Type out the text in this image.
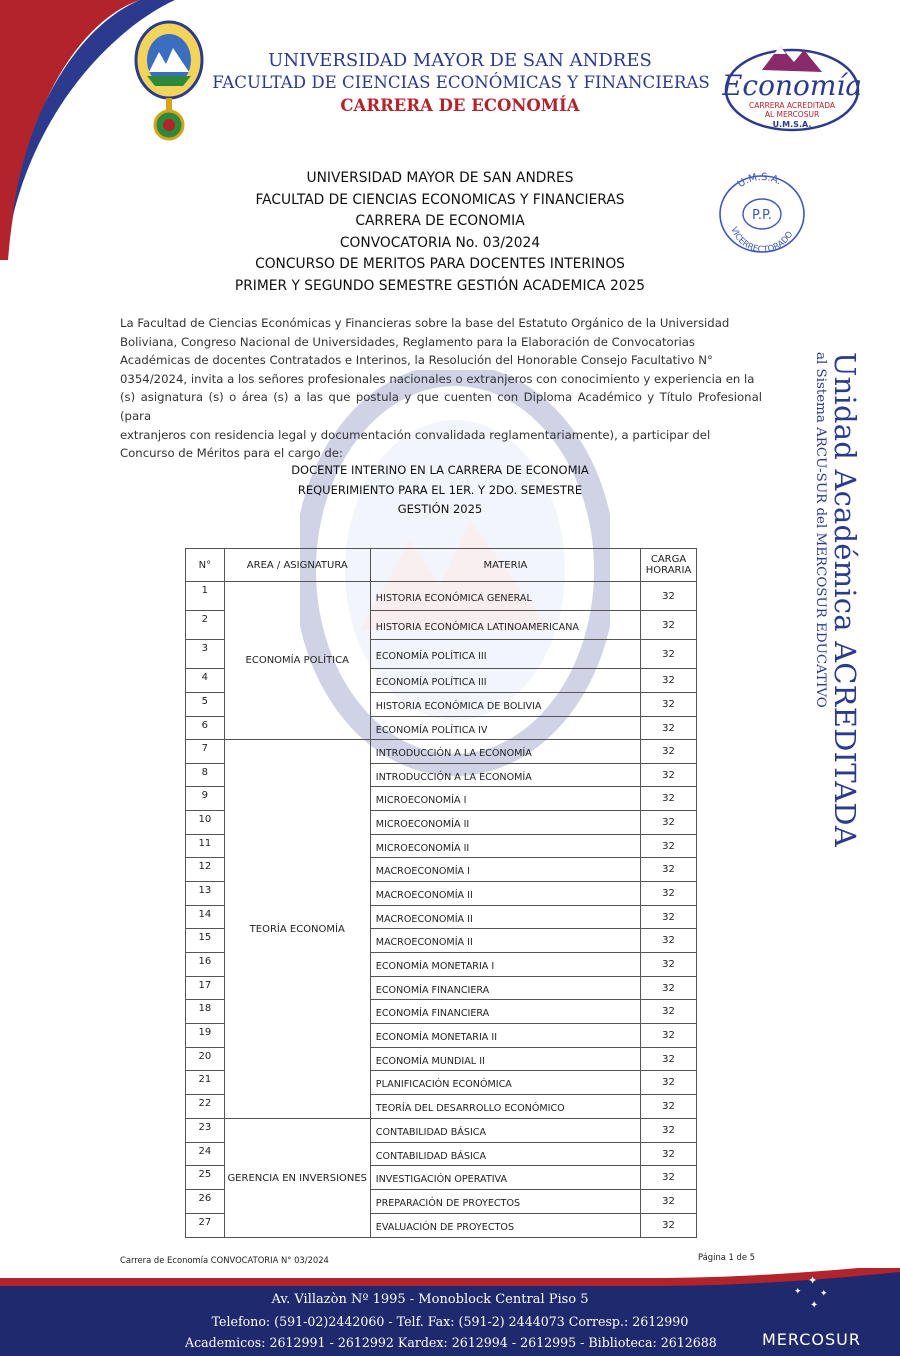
UNIVERSIDAD MAYOR DE SAN ANDRES
FACULTAD DE CIENCIAS ECONÓMICAS Y FINANCIERAS
CARRERA DE ECONOMÍA
Economía
CARRERA ACREDITADA
AL MERCOSUR
U.M.S.A.
U.M.S.A.
P.P.
VICERRECTORADO
UNIVERSIDAD MAYOR DE SAN ANDRES
FACULTAD DE CIENCIAS ECONOMICAS Y FINANCIERAS
CARRERA DE ECONOMIA
CONVOCATORIA No. 03/2024
CONCURSO DE MERITOS PARA DOCENTES INTERINOS
PRIMER Y SEGUNDO SEMESTRE GESTIÓN ACADEMICA 2025
La Facultad de Ciencias Económicas y Financieras sobre la base del Estatuto Orgánico de la Universidad
Boliviana, Congreso Nacional de Universidades, Reglamento para la Elaboración de Convocatorias
Académicas de docentes Contratados e Interinos, la Resolución del Honorable Consejo Facultativo N°
0354/2024, invita a los señores profesionales nacionales o extranjeros con conocimiento y experiencia en la
(s) asignatura (s) o área (s) a las que postula y que cuenten con Diploma Académico y Título Profesional (para
extranjeros con residencia legal y documentación convalidada reglamentariamente), a participar del
Concurso de Méritos para el cargo de:
DOCENTE INTERINO EN LA CARRERA DE ECONOMIA
REQUERIMIENTO PARA EL 1ER. Y 2DO. SEMESTRE
GESTIÓN 2025	Unidad Académica ACREDITADA
al Sistema ARCU-SUR del MERCOSUR EDUCATIVO
N°	AREA / ASIGNATURA	MATERIA	CARGA
HORARIA
1	ECONOMÍA POLÍTICA	HISTORIA ECONÓMICA GENERAL	32
2		HISTORIA ECONÓMICA LATINOAMERICANA	32
3		ECONOMÍA POLÍTICA III	32
4		ECONOMÍA POLÍTICA III	32
5		HISTORIA ECONÓMICA DE BOLIVIA	32
6		ECONOMÍA POLÍTICA IV	32
7	TEORÍA ECONOMÍA	INTRODUCCIÓN A LA ECONOMÍA	32
8		INTRODUCCIÓN A LA ECONOMÍA	32
9		MICROECONOMÍA I	32
10		MICROECONOMÍA II	32
11		MICROECONOMÍA II	32
12		MACROECONOMÍA I	32
13		MACROECONOMÍA II	32
14		MACROECONOMÍA II	32
15		MACROECONOMÍA II	32
16		ECONOMÍA MONETARIA I	32
17		ECONOMÍA FINANCIERA	32
18		ECONOMÍA FINANCIERA	32
19		ECONOMÍA MONETARIA II	32
20		ECONOMÍA MUNDIAL II	32
21		PLANIFICACIÓN ECONÓMICA	32
22		TEORÍA DEL DESARROLLO ECONÓMICO	32
23	GERENCIA EN INVERSIONES	CONTABILIDAD BÁSICA	32
24		CONTABILIDAD BÁSICA	32
25		INVESTIGACIÓN OPERATIVA	32
26		PREPARACIÓN DE PROYECTOS	32
27		EVALUACIÓN DE PROYECTOS	32
Carrera de Economía CONVOCATORIA N° 03/2024	Página 1 de 5
✦
✦ ✦
✦
Av. Villazòn Nº 1995 - Monoblock Central Piso 5
Telefono: (591-02)2442060 - Telf. Fax: (591-2) 2444073 Corresp.: 2612990
Academicos: 2612991 - 2612992 Kardex: 2612994 - 2612995 - Biblioteca: 2612688	MERCOSUR
